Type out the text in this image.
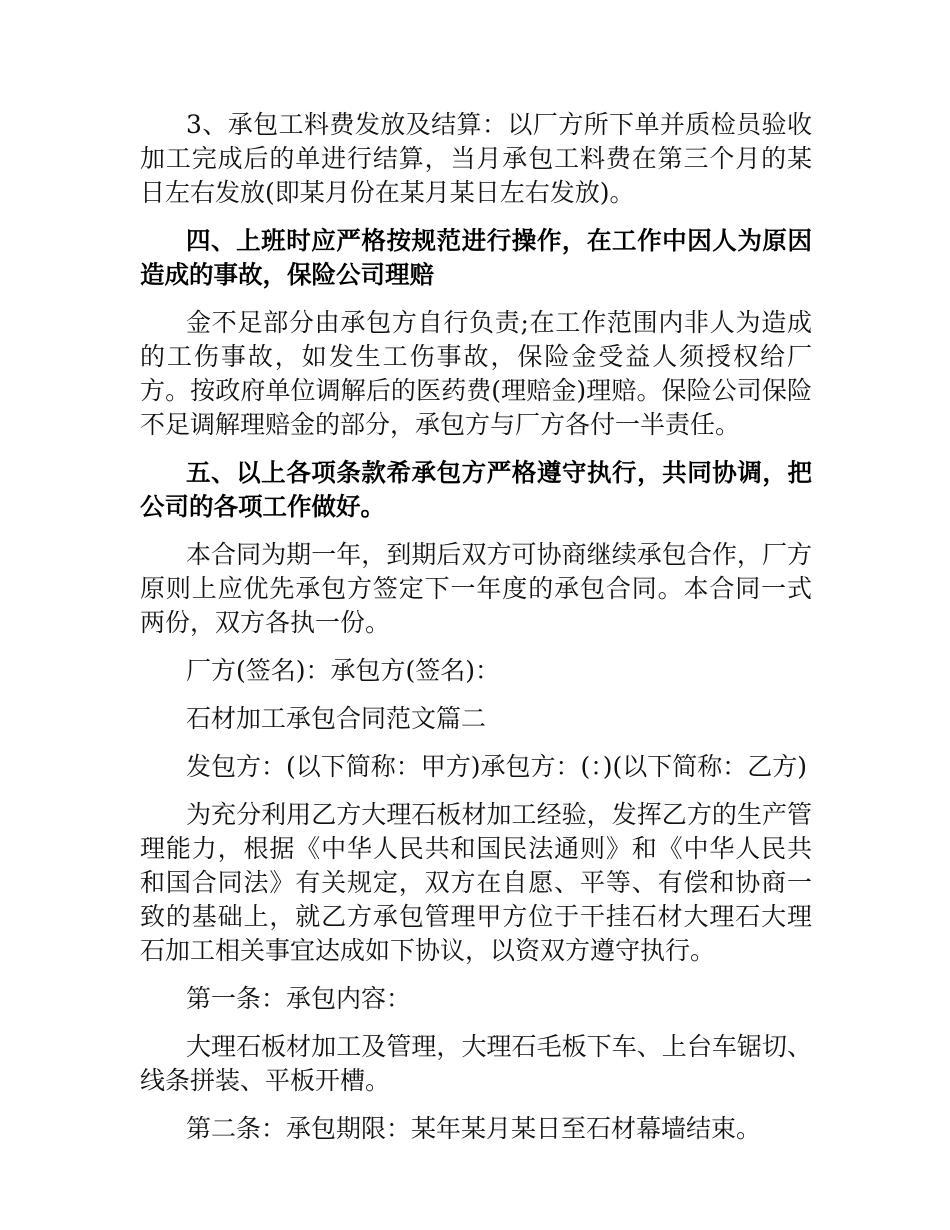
3、承包工料费发放及结算：以厂方所下单并质检员验收加工完成后的单进行结算，当月承包工料费在第三个月的某日左右发放(即某月份在某月某日左右发放)。

四、上班时应严格按规范进行操作，在工作中因人为原因造成的事故，保险公司理赔

金不足部分由承包方自行负责;在工作范围内非人为造成的工伤事故，如发生工伤事故，保险金受益人须授权给厂方。按政府单位调解后的医药费(理赔金)理赔。保险公司保险不足调解理赔金的部分，承包方与厂方各付一半责任。

五、以上各项条款希承包方严格遵守执行，共同协调，把公司的各项工作做好。

本合同为期一年，到期后双方可协商继续承包合作，厂方原则上应优先承包方签定下一年度的承包合同。本合同一式两份，双方各执一份。

厂方(签名)：承包方(签名)：

石材加工承包合同范文篇二

发包方：(以下简称：甲方)承包方：(：)(以下简称：乙方)

为充分利用乙方大理石板材加工经验，发挥乙方的生产管理能力，根据《中华人民共和国民法通则》和《中华人民共和国合同法》有关规定，双方在自愿、平等、有偿和协商一致的基础上，就乙方承包管理甲方位于干挂石材大理石大理石加工相关事宜达成如下协议，以资双方遵守执行。

第一条：承包内容：

大理石板材加工及管理，大理石毛板下车、上台车锯切、线条拼装、平板开槽。

第二条：承包期限：某年某月某日至石材幕墙结束。
